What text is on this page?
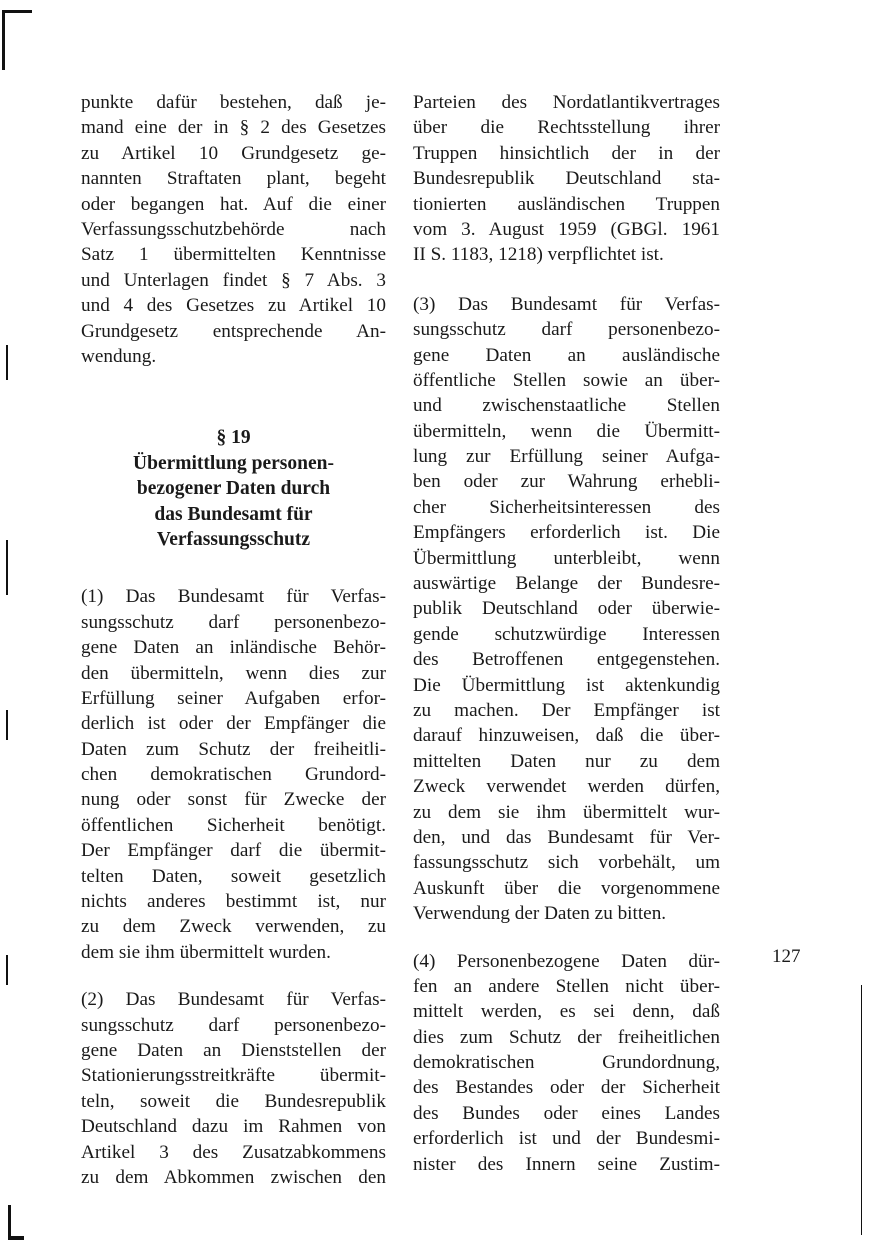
punkte dafür bestehen, daß je-
mand eine der in § 2 des Gesetzes
zu Artikel 10 Grundgesetz ge-
nannten Straftaten plant, begeht
oder begangen hat. Auf die einer
Verfassungsschutzbehörde nach
Satz 1 übermittelten Kenntnisse
und Unterlagen findet § 7 Abs. 3
und 4 des Gesetzes zu Artikel 10
Grundgesetz entsprechende An-
wendung.
§ 19
Übermittlung personen-
bezogener Daten durch
das Bundesamt für
Verfassungsschutz
(1) Das Bundesamt für Verfas-
sungsschutz darf personenbezo-
gene Daten an inländische Behör-
den übermitteln, wenn dies zur
Erfüllung seiner Aufgaben erfor-
derlich ist oder der Empfänger die
Daten zum Schutz der freiheitli-
chen demokratischen Grundord-
nung oder sonst für Zwecke der
öffentlichen Sicherheit benötigt.
Der Empfänger darf die übermit-
telten Daten, soweit gesetzlich
nichts anderes bestimmt ist, nur
zu dem Zweck verwenden, zu
dem sie ihm übermittelt wurden.
(2) Das Bundesamt für Verfas-
sungsschutz darf personenbezo-
gene Daten an Dienststellen der
Stationierungsstreitkräfte übermit-
teln, soweit die Bundesrepublik
Deutschland dazu im Rahmen von
Artikel 3 des Zusatzabkommens
zu dem Abkommen zwischen den
Parteien des Nordatlantikvertrages
über die Rechtsstellung ihrer
Truppen hinsichtlich der in der
Bundesrepublik Deutschland sta-
tionierten ausländischen Truppen
vom 3. August 1959 (GBGl. 1961
II S. 1183, 1218) verpflichtet ist.
(3) Das Bundesamt für Verfas-
sungsschutz darf personenbezo-
gene Daten an ausländische
öffentliche Stellen sowie an über-
und zwischenstaatliche Stellen
übermitteln, wenn die Übermitt-
lung zur Erfüllung seiner Aufga-
ben oder zur Wahrung erhebli-
cher Sicherheitsinteressen des
Empfängers erforderlich ist. Die
Übermittlung unterbleibt, wenn
auswärtige Belange der Bundesre-
publik Deutschland oder überwie-
gende schutzwürdige Interessen
des Betroffenen entgegenstehen.
Die Übermittlung ist aktenkundig
zu machen. Der Empfänger ist
darauf hinzuweisen, daß die über-
mittelten Daten nur zu dem
Zweck verwendet werden dürfen,
zu dem sie ihm übermittelt wur-
den, und das Bundesamt für Ver-
fassungsschutz sich vorbehält, um
Auskunft über die vorgenommene
Verwendung der Daten zu bitten.
(4) Personenbezogene Daten dür-
fen an andere Stellen nicht über-
mittelt werden, es sei denn, daß
dies zum Schutz der freiheitlichen
demokratischen Grundordnung,
des Bestandes oder der Sicherheit
des Bundes oder eines Landes
erforderlich ist und der Bundesmi-
nister des Innern seine Zustim-
127
